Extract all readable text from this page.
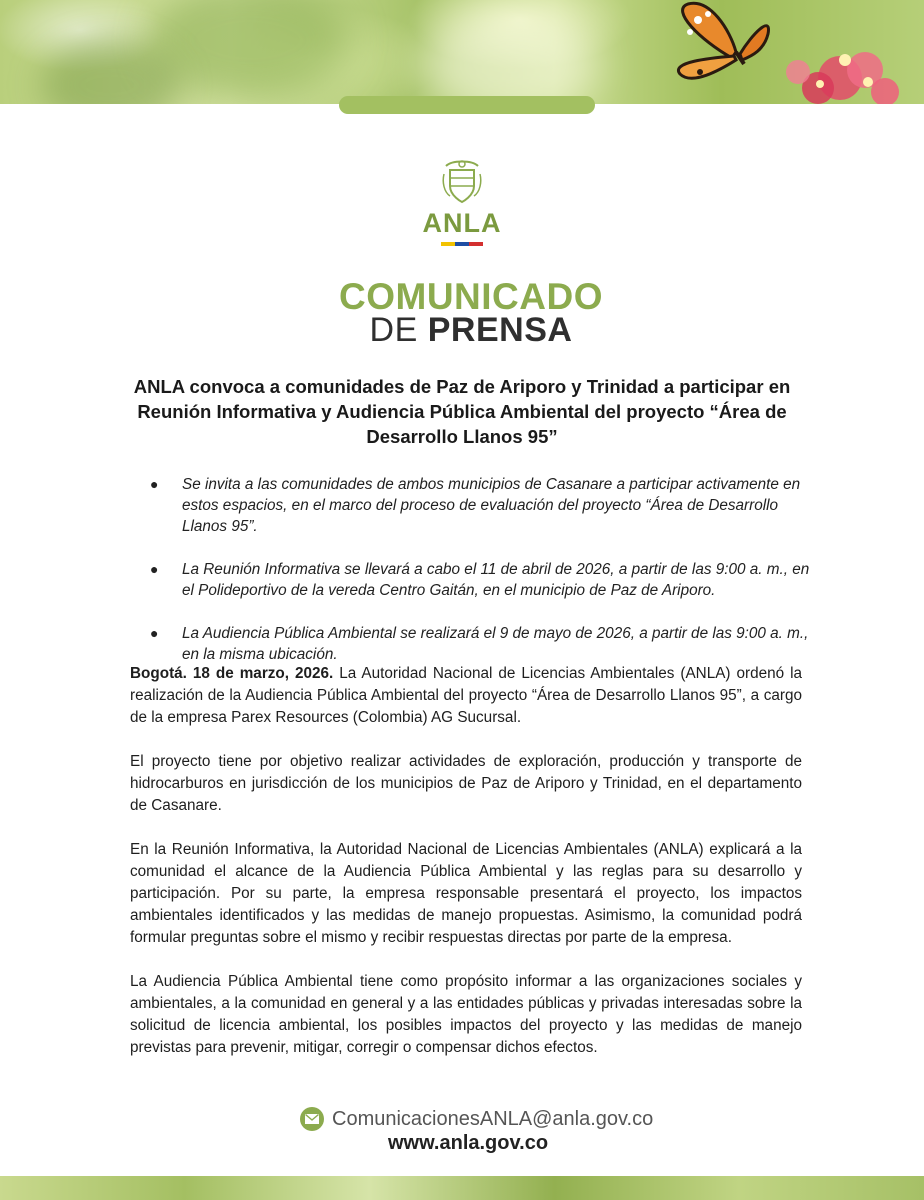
ANLA
COMUNICADO
DE PRENSA
ANLA convoca a comunidades de Paz de Ariporo y Trinidad a participar en Reunión Informativa y Audiencia Pública Ambiental del proyecto “Área de Desarrollo Llanos 95”
● Se invita a las comunidades de ambos municipios de Casanare a participar activamente en estos espacios, en el marco del proceso de evaluación del proyecto “Área de Desarrollo Llanos 95”.
● La Reunión Informativa se llevará a cabo el 11 de abril de 2026, a partir de las 9:00 a. m., en el Polideportivo de la vereda Centro Gaitán, en el municipio de Paz de Ariporo.
● La Audiencia Pública Ambiental se realizará el 9 de mayo de 2026, a partir de las 9:00 a. m., en la misma ubicación.

Bogotá. 18 de marzo, 2026. La Autoridad Nacional de Licencias Ambientales (ANLA) ordenó la realización de la Audiencia Pública Ambiental del proyecto “Área de Desarrollo Llanos 95”, a cargo de la empresa Parex Resources (Colombia) AG Sucursal.

El proyecto tiene por objetivo realizar actividades de exploración, producción y transporte de hidrocarburos en jurisdicción de los municipios de Paz de Ariporo y Trinidad, en el departamento de Casanare.

En la Reunión Informativa, la Autoridad Nacional de Licencias Ambientales (ANLA) explicará a la comunidad el alcance de la Audiencia Pública Ambiental y las reglas para su desarrollo y participación. Por su parte, la empresa responsable presentará el proyecto, los impactos ambientales identificados y las medidas de manejo propuestas. Asimismo, la comunidad podrá formular preguntas sobre el mismo y recibir respuestas directas por parte de la empresa.

La Audiencia Pública Ambiental tiene como propósito informar a las organizaciones sociales y ambientales, a la comunidad en general y a las entidades públicas y privadas interesadas sobre la solicitud de licencia ambiental, los posibles impactos del proyecto y las medidas de manejo previstas para prevenir, mitigar, corregir o compensar dichos efectos.

ComunicacionesANLA@anla.gov.co
www.anla.gov.co
